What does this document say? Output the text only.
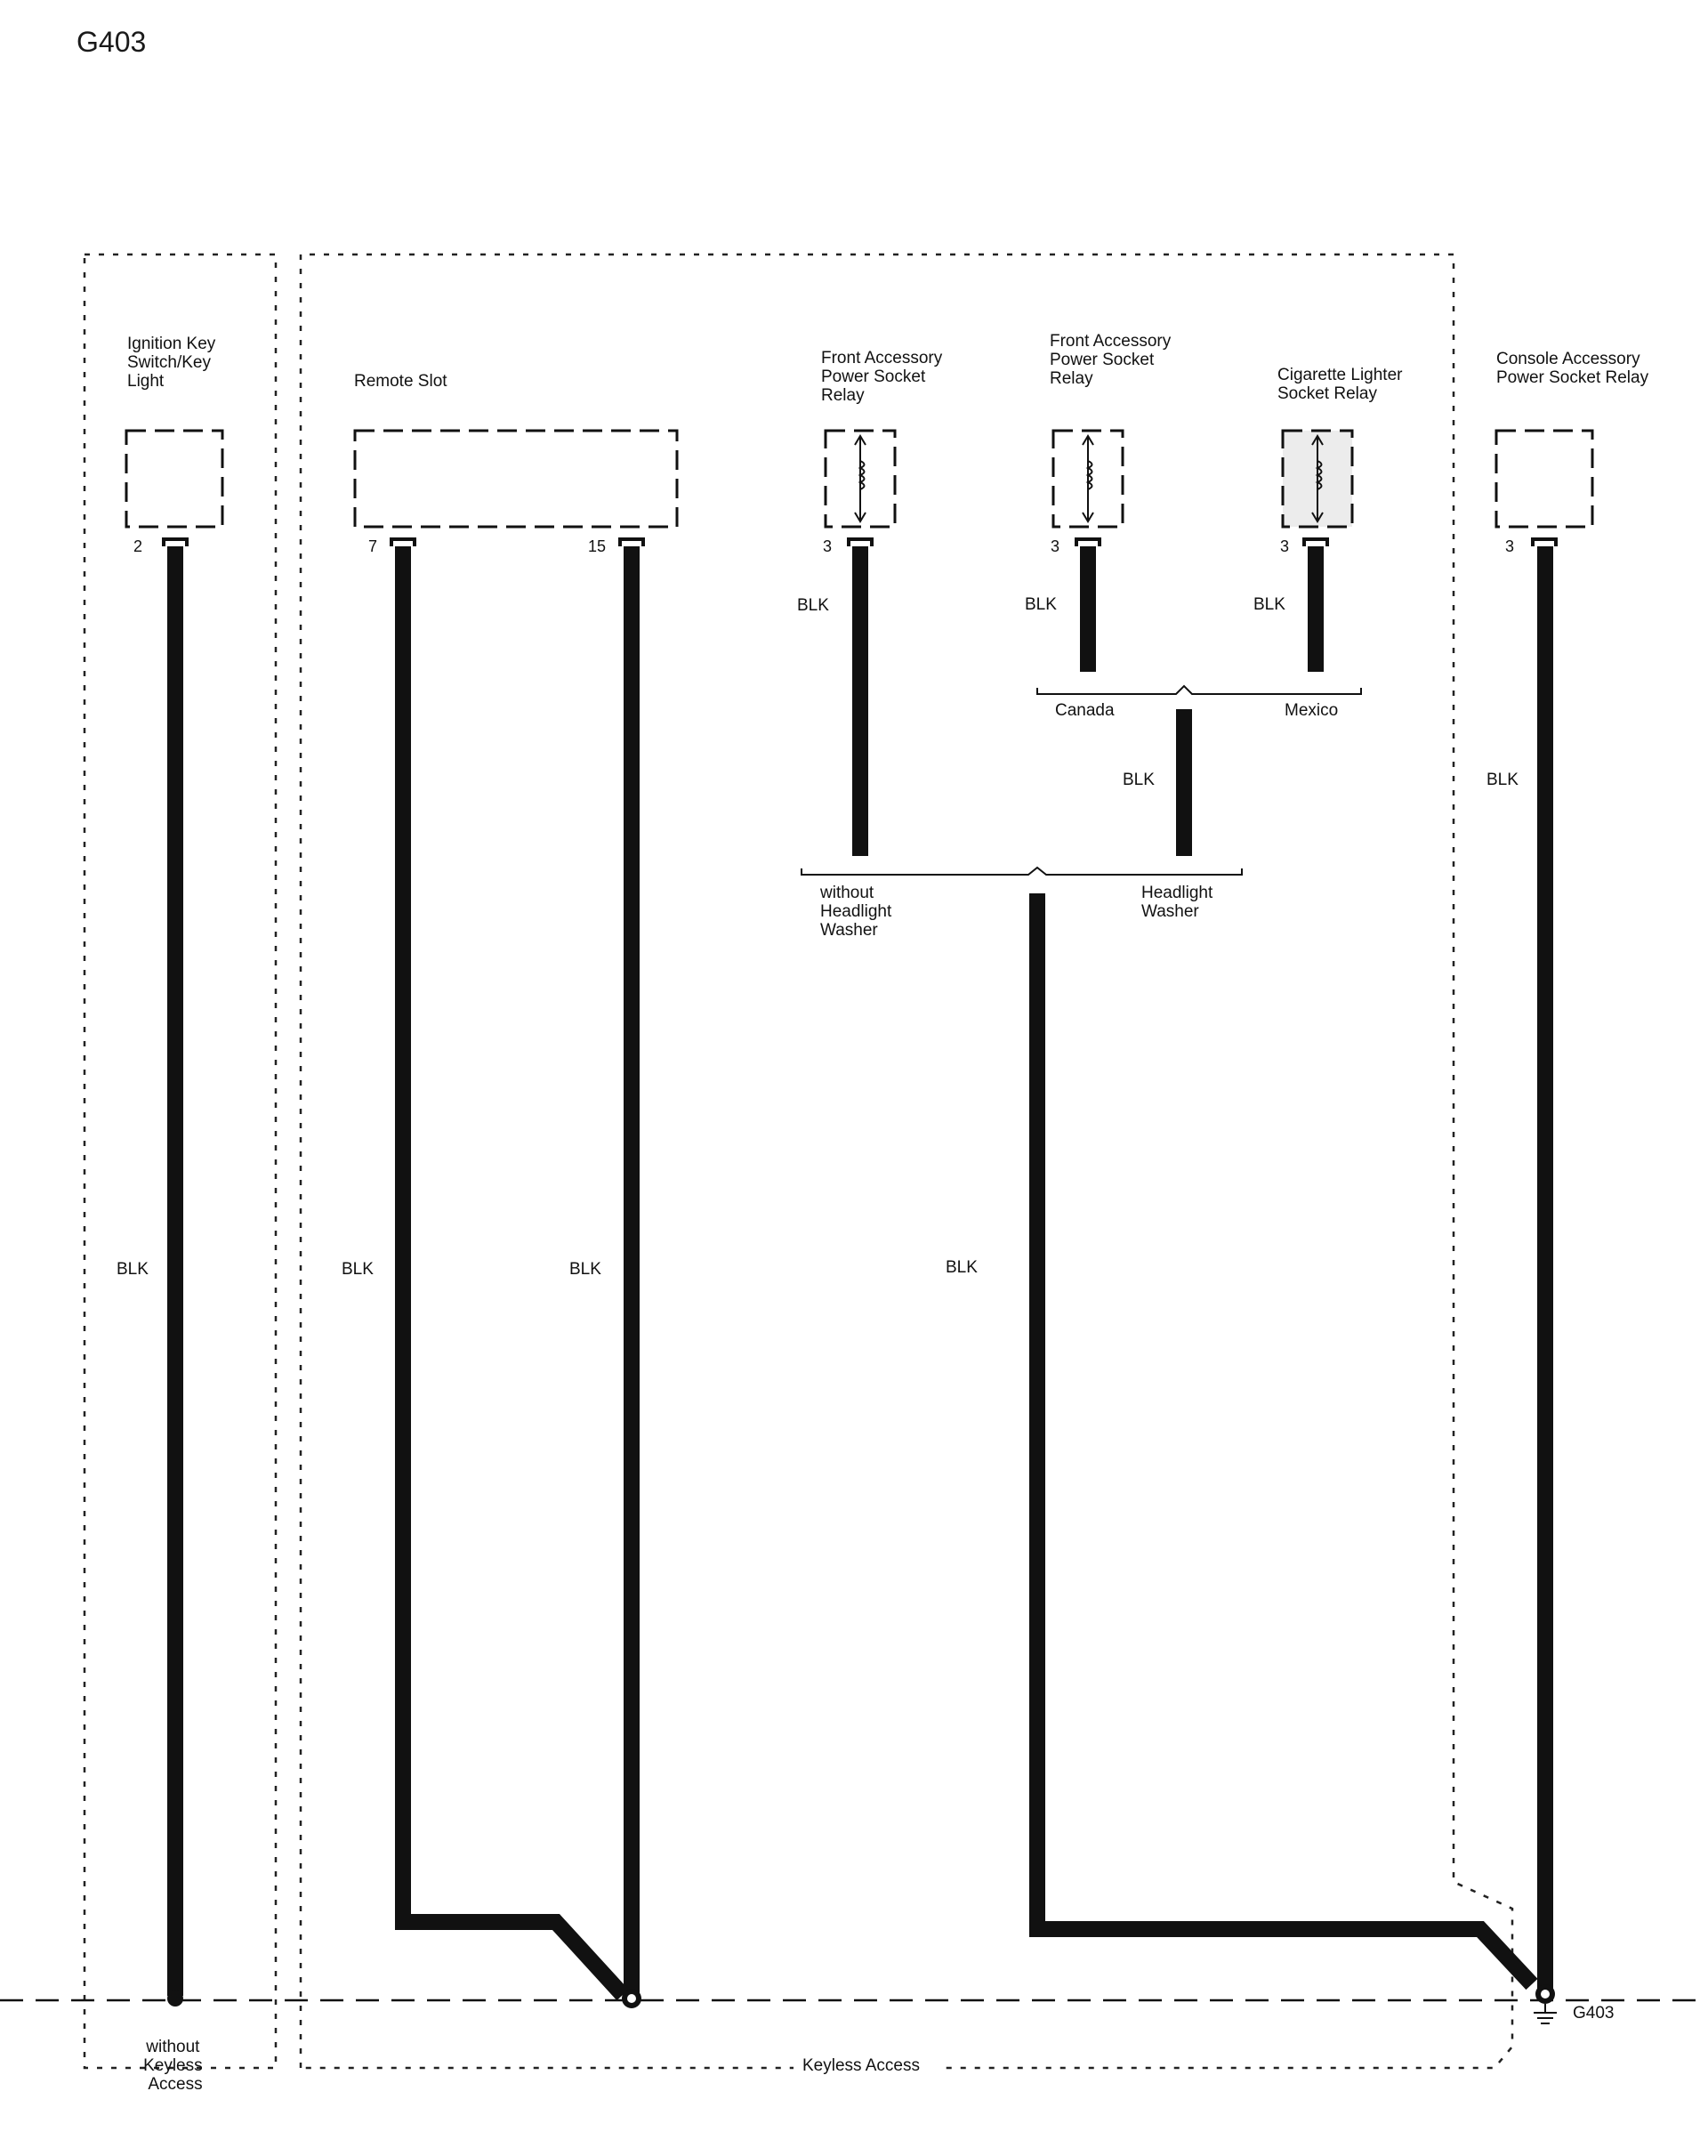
G403
Ignition Key Switch/Key Light	Remote Slot
Front Accessory Power Socket Relay
Front Accessory Power Socket Relay	Cigarette Lighter Socket Relay
Console Accessory Power Socket Relay
2	7	15	3	3	3	3
Canada	Mexico
without Headlight Washer
Headlight Washer
BLK	BLK	BLK
BLK	BLK
BLK	BLK	BLK	BLK
G403
without Keyless Access
Keyless Access
